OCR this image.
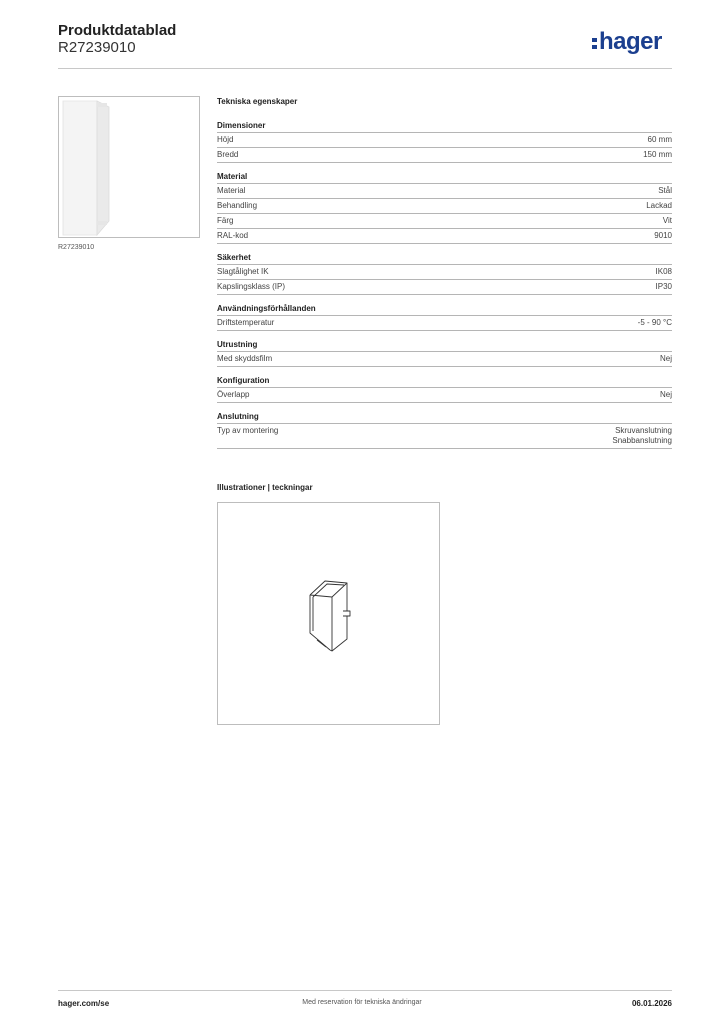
Produktdatablad
R27239010	hager
R27239010
Tekniska egenskaper
Dimensioner
Höjd	60 mm
Bredd	150 mm
Material
Material	Stål
Behandling	Lackad
Färg	Vit
RAL-kod	9010
Säkerhet
Slagtålighet IK	IK08
Kapslingsklass (IP)	IP30
Användningsförhållanden
Driftstemperatur	-5 - 90 °C
Utrustning
Med skyddsfilm	Nej
Konfiguration
Överlapp	Nej
Anslutning
Typ av montering	Skruvanslutning
Snabbanslutning
Illustrationer | teckningar
hager.com/se	Med reservation för tekniska ändringar	06.01.2026
